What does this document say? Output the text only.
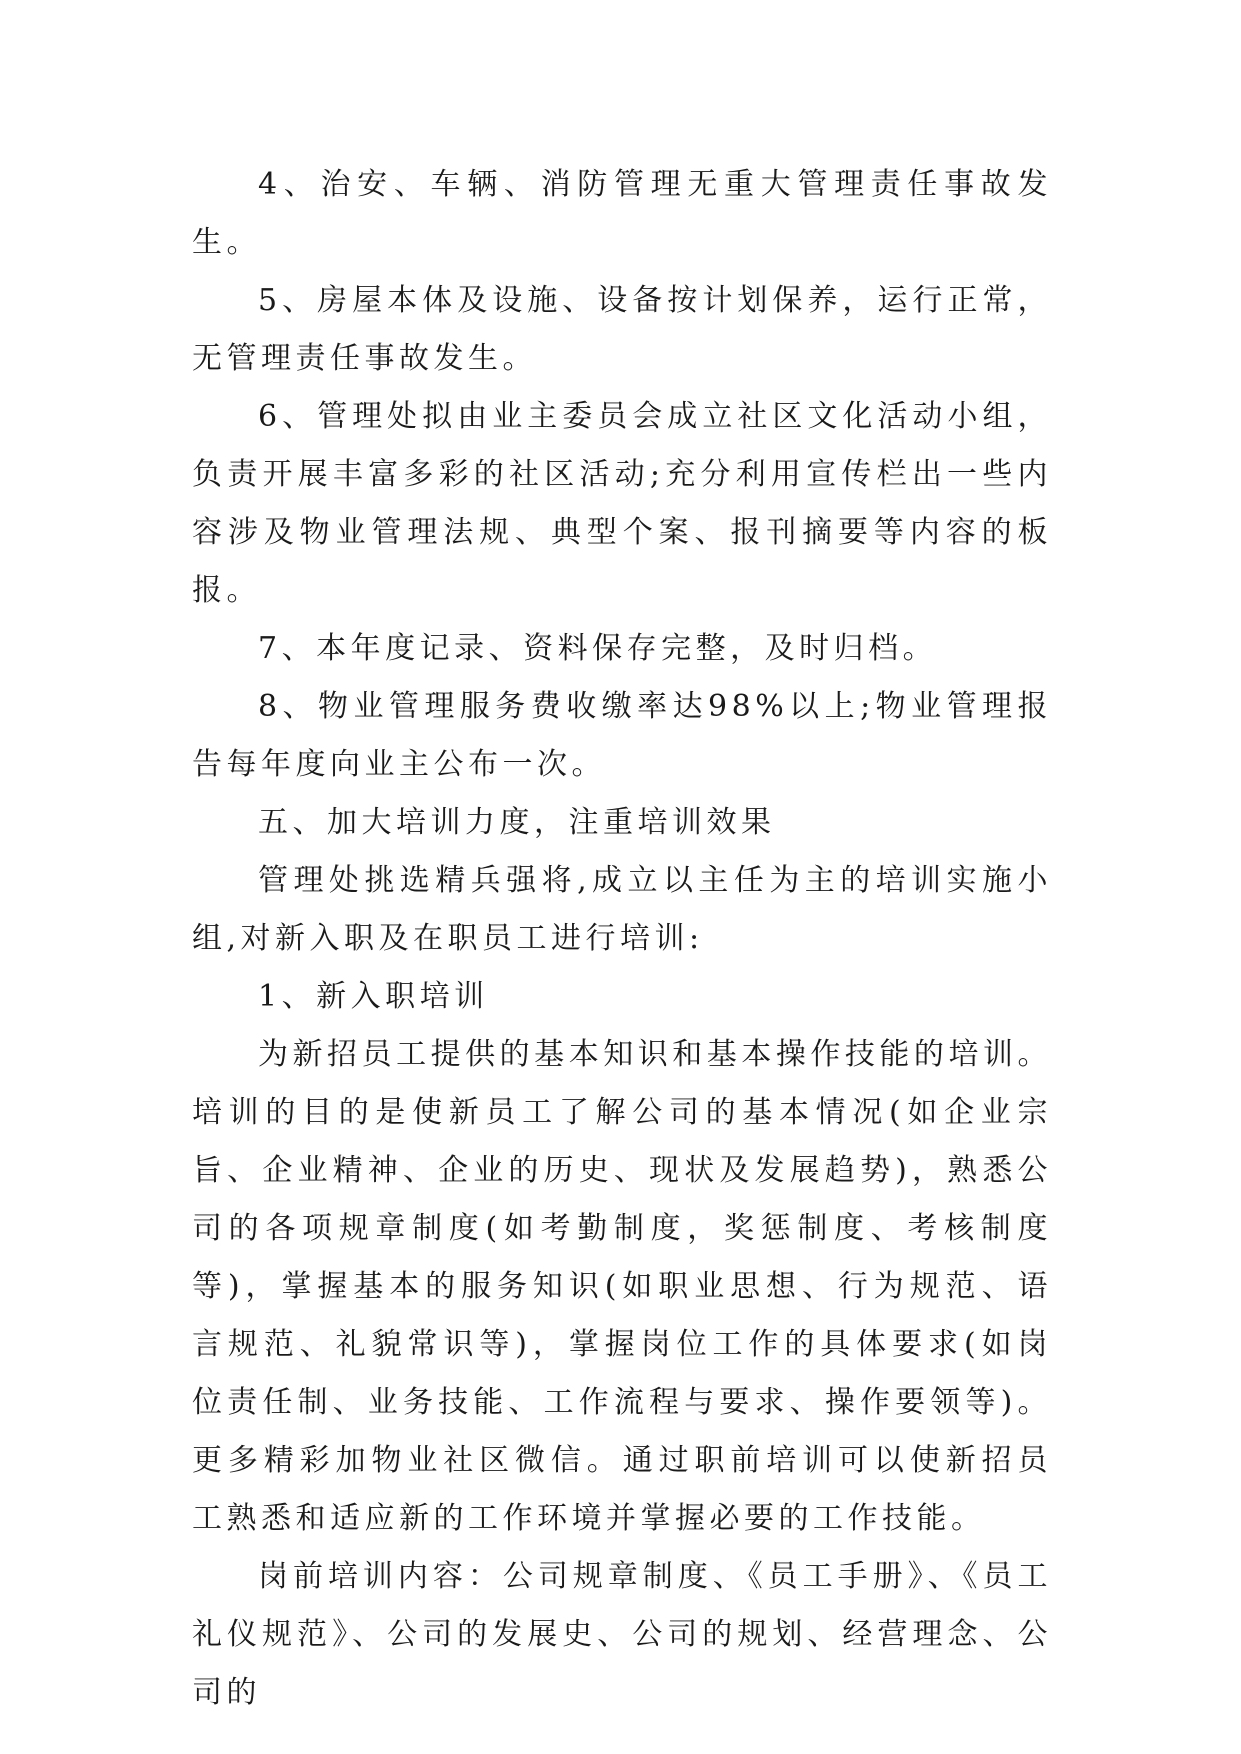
4、治安、车辆、消防管理无重大管理责任事故发生。

5、房屋本体及设施、设备按计划保养，运行正常，无管理责任事故发生。

6、管理处拟由业主委员会成立社区文化活动小组，负责开展丰富多彩的社区活动;充分利用宣传栏出一些内容涉及物业管理法规、典型个案、报刊摘要等内容的板报。

7、本年度记录、资料保存完整，及时归档。

8、物业管理服务费收缴率达98%以上;物业管理报告每年度向业主公布一次。

五、加大培训力度，注重培训效果

管理处挑选精兵强将,成立以主任为主的培训实施小组,对新入职及在职员工进行培训:

1、新入职培训

为新招员工提供的基本知识和基本操作技能的培训。培训的目的是使新员工了解公司的基本情况(如企业宗旨、企业精神、企业的历史、现状及发展趋势)，熟悉公司的各项规章制度(如考勤制度，奖惩制度、考核制度等)，掌握基本的服务知识(如职业思想、行为规范、语言规范、礼貌常识等)，掌握岗位工作的具体要求(如岗位责任制、业务技能、工作流程与要求、操作要领等)。更多精彩加物业社区微信。通过职前培训可以使新招员工熟悉和适应新的工作环境并掌握必要的工作技能。

岗前培训内容：公司规章制度、《员工手册》、《员工礼仪规范》、公司的发展史、公司的规划、经营理念、公司的
